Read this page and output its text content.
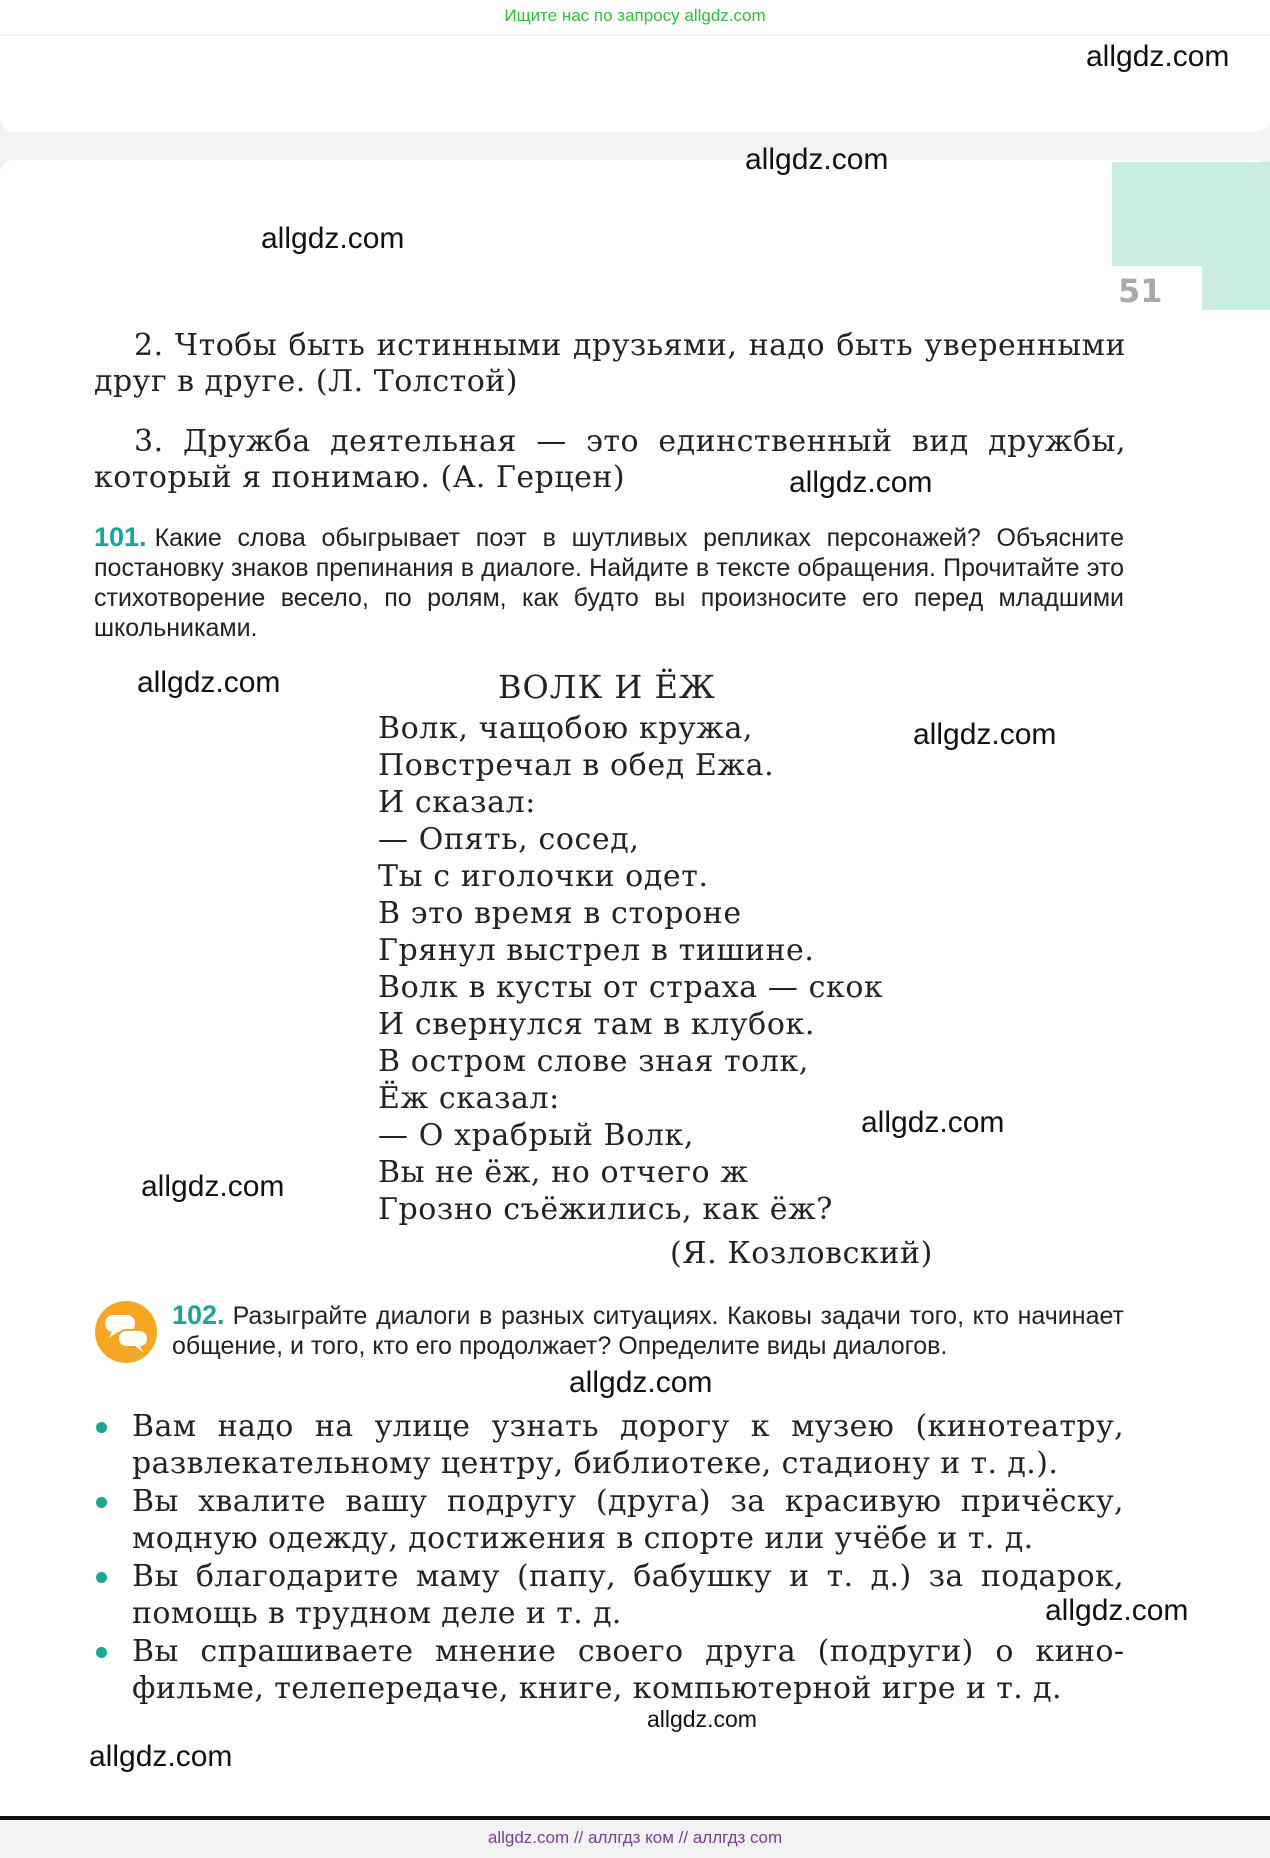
Ищите нас по запросу allgdz.com
51
allgdz.com
allgdz.com
allgdz.com
allgdz.com
allgdz.com
allgdz.com
allgdz.com
allgdz.com
allgdz.com
allgdz.com
allgdz.com
allgdz.com
2. Чтобы быть истинными друзьями, надо быть уверенными друг в друге. (Л. Толстой)
3. Дружба деятельная — это единственный вид дружбы, который я понимаю. (А. Герцен)
101. Какие слова обыгрывает поэт в шутливых репликах персонажей? Объясните постановку знаков препинания в диалоге. Найдите в тексте обращения. Прочитайте это стихотворение весело, по ролям, как будто вы произносите его перед младшими школьниками.
ВОЛК И ЁЖ
Волк, чащобою кружа,
Повстречал в обед Ежа.
И сказал:
— Опять, сосед,
Ты с иголочки одет.
В это время в стороне
Грянул выстрел в тишине.
Волк в кусты от страха — скок
И свернулся там в клубок.
В остром слове зная толк,
Ёж сказал:
— О храбрый Волк,
Вы не ёж, но отчего ж
Грозно съёжились, как ёж?
(Я. Козловский)
102. Разыграйте диалоги в разных ситуациях. Каковы задачи того, кто начинает общение, и того, кто его продолжает? Определите виды диалогов.
Вам надо на улице узнать дорогу к музею (кинотеатру, развлекательному центру, библиотеке, стадиону и т. д.).
Вы хвалите вашу подругу (друга) за красивую причёску, модную одежду, достижения в спорте или учёбе и т. д.
Вы благодарите маму (папу, бабушку и т. д.) за подарок, помощь в трудном деле и т. д.
Вы спрашиваете мнение своего друга (подруги) о кинофильме, телепередаче, книге, компьютерной игре и т. д.
allgdz.com // аллгдз ком // аллгдз com
